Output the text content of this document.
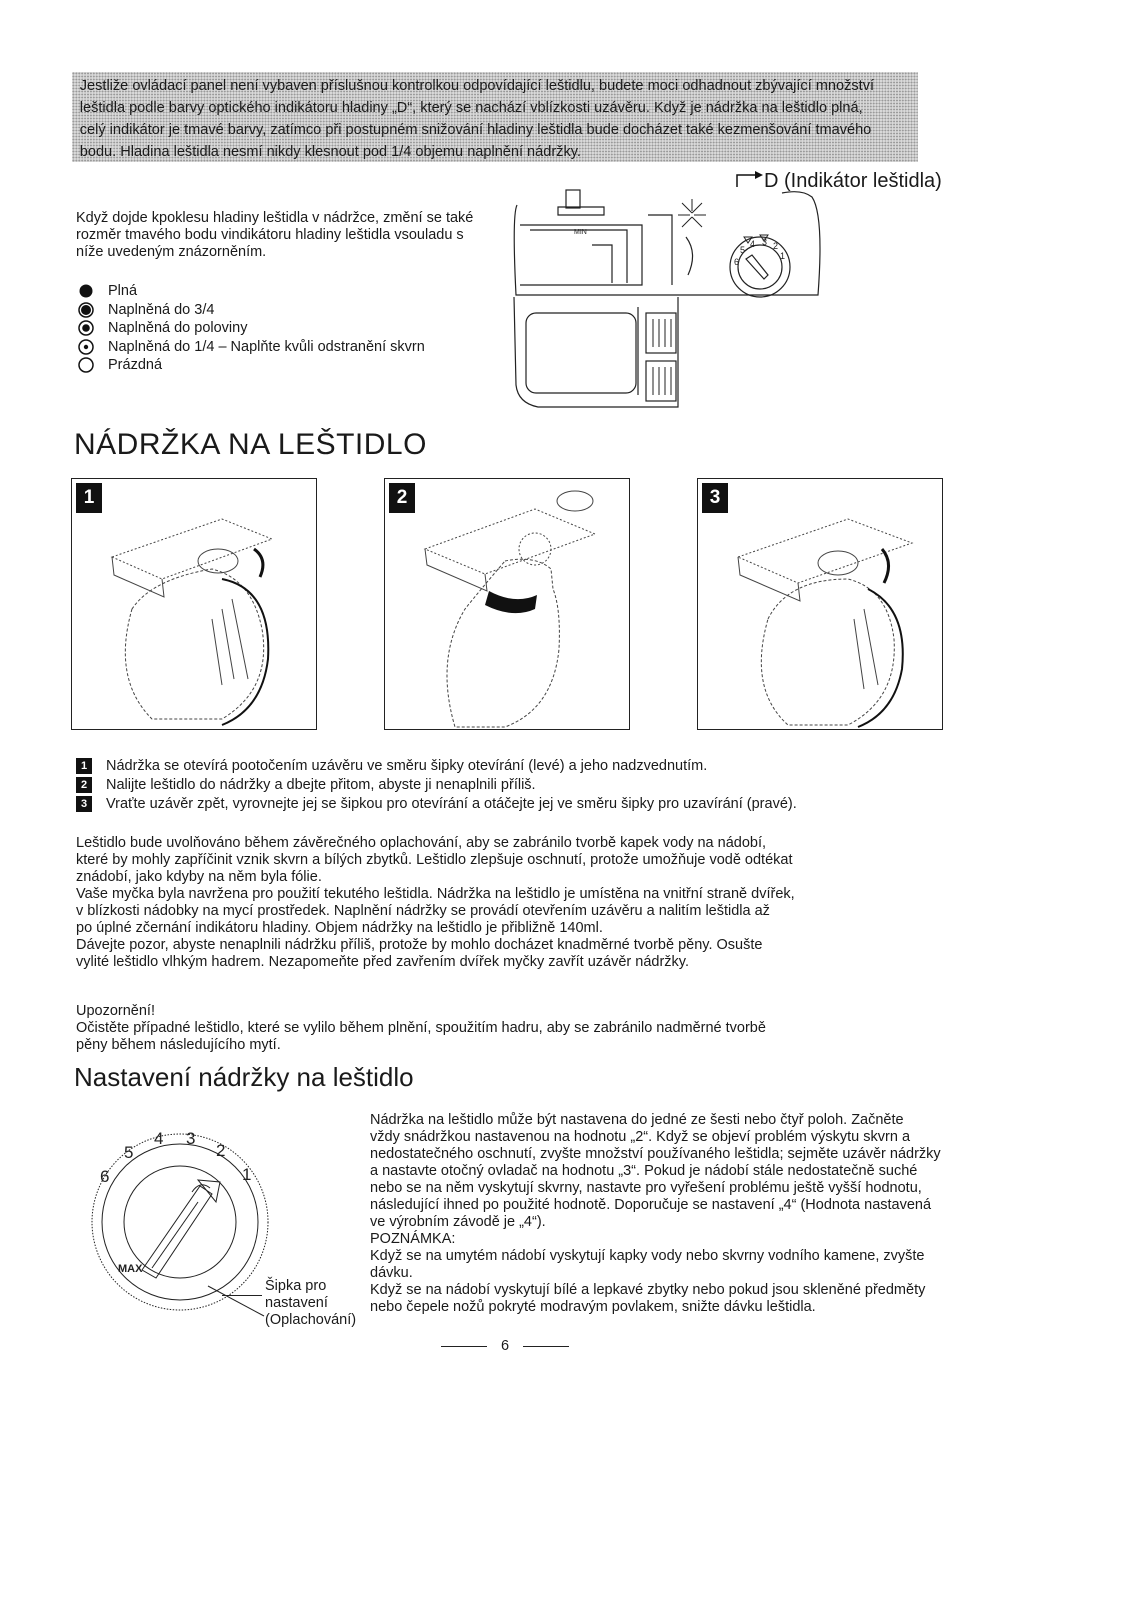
Jestliže ovládací panel není vybaven příslušnou kontrolkou odpovídající leštidlu, budete moci odhadnout zbývající množství

leštidla podle barvy optického indikátoru hladiny „D“, který se nachází vblízkosti uzávěru. Když je nádržka na leštidlo plná,

celý indikátor je tmavé barvy, zatímco při postupném snižování hladiny leštidla bude docházet také kezmenšování tmavého

bodu. Hladina leštidla nesmí nikdy klesnout pod 1/4 objemu naplnění nádržky.

Když dojde kpoklesu hladiny leštidla v nádržce, změní se také

rozměr tmavého bodu vindikátoru hladiny leštidla vsouladu s

níže uvedeným znázorněním.

Plná
Naplněná do 3/4
Naplněná do poloviny
Naplněná do 1/4 – Naplňte kvůli odstranění skvrn
Prázdná
D (Indikátor leštidla)
MIN
6
5
4 3 2
1
NÁDRŽKA NA LEŠTIDLO
1	2	3
1	Nádržka se otevírá pootočením uzávěru ve směru šipky otevírání (levé) a jeho nadzvednutím.
2	Nalijte leštidlo do nádržky a dbejte přitom, abyste ji nenaplnili příliš.
3	Vraťte uzávěr zpět, vyrovnejte jej se šipkou pro otevírání a otáčejte jej ve směru šipky pro uzavírání (pravé).

Leštidlo bude uvolňováno během závěrečného oplachování, aby se zabránilo tvorbě kapek vody na nádobí,

které by mohly zapříčinit vznik skvrn a bílých zbytků. Leštidlo zlepšuje oschnutí, protože umožňuje vodě odtékat

znádobí, jako kdyby na něm byla fólie.

Vaše myčka byla navržena pro použití tekutého leštidla. Nádržka na leštidlo je umístěna na vnitřní straně dvířek,

v blízkosti nádobky na mycí prostředek. Naplnění nádržky se provádí otevřením uzávěru a nalitím leštidla až

po úplné zčernání indikátoru hladiny. Objem nádržky na leštidlo je přibližně 140ml.

Dávejte pozor, abyste nenaplnili nádržku příliš, protože by mohlo docházet knadměrné tvorbě pěny. Osušte

vylité leštidlo vlhkým hadrem. Nezapomeňte před zavřením dvířek myčky zavřít uzávěr nádržky.

Upozornění!

Očistěte případné leštidlo, které se vylilo během plnění, spoužitím hadru, aby se zabránilo nadměrné tvorbě

pěny během následujícího mytí.

Nastavení nádržky na leštidlo
6
5
4 3
2
1
MAX

Šipka pro

nastavení

(Oplachování)

Nádržka na leštidlo může být nastavena do jedné ze šesti nebo čtyř poloh. Začněte

vždy snádržkou nastavenou na hodnotu „2“. Když se objeví problém výskytu skvrn a

nedostatečného oschnutí, zvyšte množství používaného leštidla; sejměte uzávěr nádržky

a nastavte otočný ovladač na hodnotu „3“. Pokud je nádobí stále nedostatečně suché

nebo se na něm vyskytují skvrny, nastavte pro vyřešení problému ještě vyšší hodnotu,

následující ihned po použité hodnotě. Doporučuje se nastavení „4“ (Hodnota nastavená

ve výrobním závodě je „4“).

POZNÁMKA:

Když se na umytém nádobí vyskytují kapky vody nebo skvrny vodního kamene, zvyšte

dávku.

Když se na nádobí vyskytují bílé a lepkavé zbytky nebo pokud jsou skleněné předměty

nebo čepele nožů pokryté modravým povlakem, snižte dávku leštidla.

6
